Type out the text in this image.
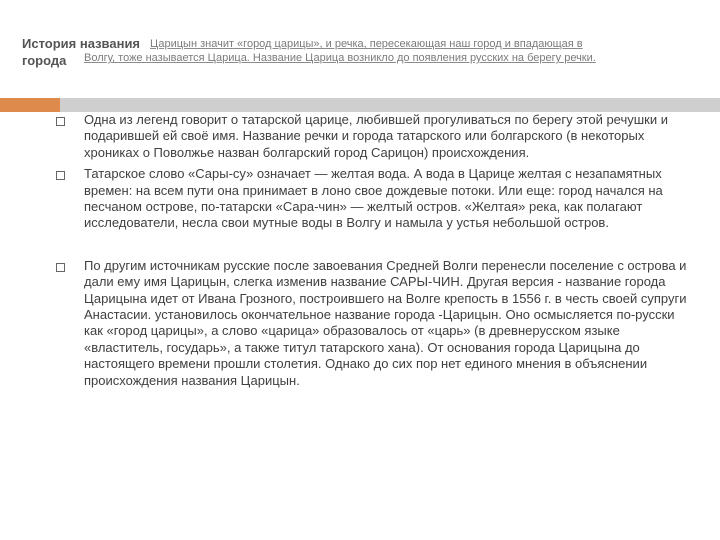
История названия
города
Царицын значит «город царицы», и речка, пересекающая наш город и впадающая в
Волгу, тоже называется Царица. Название Царица возникло до появления русских на берегу речки.
Одна из легенд говорит о татарской царице, любившей прогуливаться по берегу этой речушки и подарившей ей своё имя. Название речки и города татарского или болгарского (в некоторых хрониках о Поволжье назван болгарский город Сарицон) происхождения.
Татарское слово «Сары-су» означает — желтая вода. А вода в Царице желтая с незапамятных времен: на всем пути она принимает в лоно свое дождевые потоки. Или еще: город начался на песчаном острове, по-татарски «Сара-чин» — желтый остров. «Желтая» река, как полагают исследователи, несла свои мутные воды в Волгу и намыла у устья небольшой остров.
По другим источникам русские после завоевания Средней Волги перенесли поселение с острова и дали ему имя Царицын, слегка изменив название САРЫ-ЧИН. Другая версия - название города Царицына идет от Ивана Грозного, построившего на Волге крепость в 1556 г. в честь своей супруги Анастасии. установилось окончательное название города -Царицын. Оно осмысляется по-русски как «город царицы», а слово «царица» образовалось от «царь» (в древнерусском языке «властитель, государь», а также титул татарского хана). От основания города Царицына до настоящего времени прошли столетия. Однако до сих пор нет единого мнения в объяснении происхождения названия Царицын.
